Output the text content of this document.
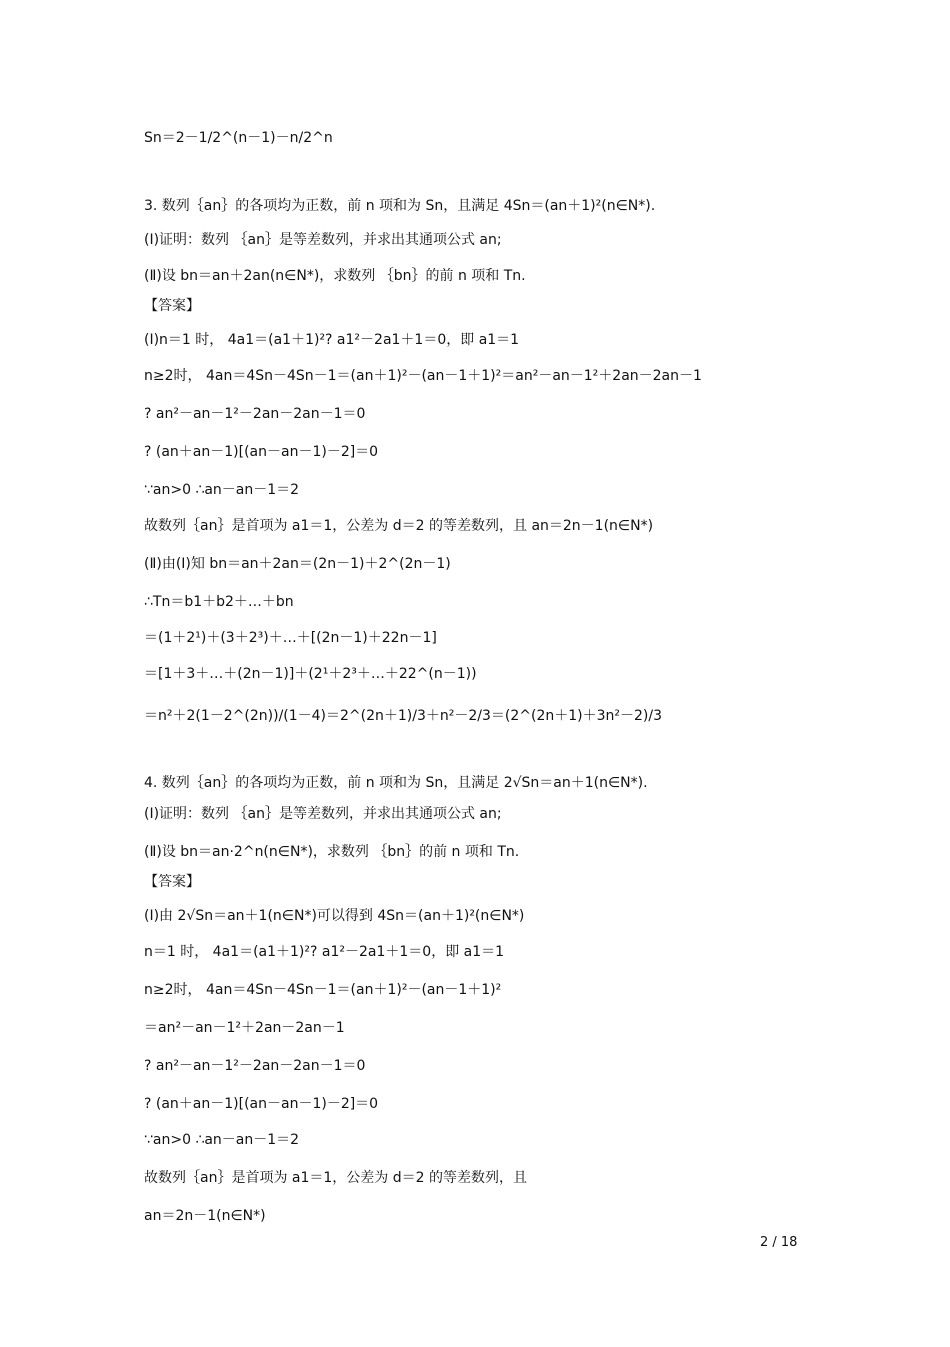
Sn＝2－1/2^(n－1)－n/2^n
3. 数列｛an｝的各项均为正数，前 n 项和为 Sn，且满足 4Sn＝(an＋1)²(n∈N*).
(Ⅰ)证明：数列 ｛an｝是等差数列，并求出其通项公式 an;
(Ⅱ)设 bn＝an＋2an(n∈N*)，求数列 ｛bn｝的前 n 项和 Tn.
【答案】
(Ⅰ)n＝1 时， 4a1＝(a1＋1)²? a1²－2a1＋1＝0，即 a1＝1
n≥2时， 4an＝4Sn－4Sn－1＝(an＋1)²－(an－1＋1)²＝an²－an－1²＋2an－2an－1
? an²－an－1²－2an－2an－1＝0
? (an＋an－1)[(an－an－1)－2]＝0
∵an>0 ∴an－an－1＝2
故数列｛an｝是首项为 a1＝1，公差为 d＝2 的等差数列，且 an＝2n－1(n∈N*)
(Ⅱ)由(Ⅰ)知 bn＝an＋2an＝(2n－1)＋2^(2n－1)
∴Tn＝b1＋b2＋…＋bn
＝(1＋2¹)＋(3＋2³)＋…＋[(2n－1)＋22n－1]
＝[1＋3＋…＋(2n－1)]＋(2¹＋2³＋…＋22^(n－1))
＝n²＋2(1－2^(2n))/(1－4)＝2^(2n＋1)/3＋n²－2/3＝(2^(2n＋1)＋3n²－2)/3
4. 数列｛an｝的各项均为正数，前 n 项和为 Sn，且满足 2√Sn＝an＋1(n∈N*).
(Ⅰ)证明：数列 ｛an｝是等差数列，并求出其通项公式 an;
(Ⅱ)设 bn＝an·2^n(n∈N*)，求数列 ｛bn｝的前 n 项和 Tn.
【答案】
(Ⅰ)由 2√Sn＝an＋1(n∈N*)可以得到 4Sn＝(an＋1)²(n∈N*)
n＝1 时， 4a1＝(a1＋1)²? a1²－2a1＋1＝0，即 a1＝1
n≥2时， 4an＝4Sn－4Sn－1＝(an＋1)²－(an－1＋1)²
＝an²－an－1²＋2an－2an－1
? an²－an－1²－2an－2an－1＝0
? (an＋an－1)[(an－an－1)－2]＝0
∵an>0 ∴an－an－1＝2
故数列｛an｝是首项为 a1＝1，公差为 d＝2 的等差数列，且
an＝2n－1(n∈N*)
2 / 18
